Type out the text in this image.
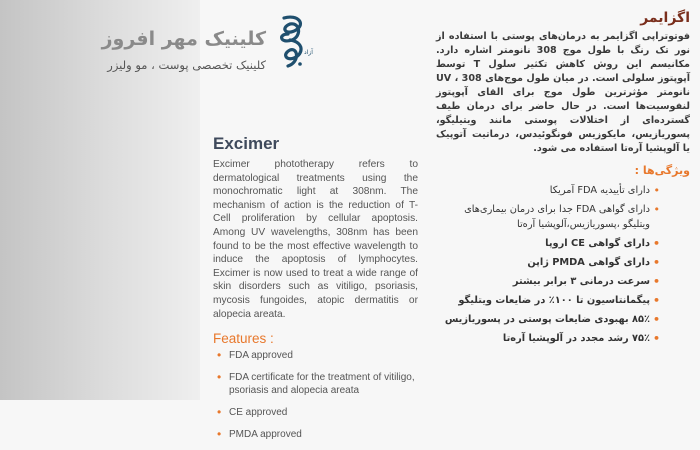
آزاد
کلینیک مهر افروز
کلینیک تخصصی پوست ، مو ولیزر
Excimer

Excimer phototherapy refers to dermatological treatments using the monochromatic light at 308nm. The mechanism of action is the reduction of T-Cell proliferation by cellular apoptosis. Among UV wavelengths, 308nm has been found to be the most effective wavelength to induce the apoptosis of lymphocytes. Excimer is now used to treat a wide range of skin disorders such as vitiligo, psoriasis, mycosis fungoides, atopic dermatitis or alopecia areata.

Features :
• FDA approved
• FDA certificate for the treatment of vitiligo, psoriasis and alopecia areata
• CE approved
• PMDA approved
اگزایمر

فوتوتراپی اگزایمر به درمان‌های پوستی با استفاده از نور تک رنگ با طول موج 308 نانومتر اشاره دارد. مکانیسم این روش کاهش تکثیر سلول T توسط آپوپتوز سلولی است. در میان طول موج‌های UV ، 308 نانومتر مؤثرترین طول موج برای القای آپوپتوز لنفوسیت‌ها است. در حال حاضر برای درمان طیف گسترده‌ای از اختلالات پوستی مانند ویتیلیگو، پسوریازیس، مایکوزیس فونگوئیدس، درماتیت آتوپیک یا آلوپشیا آره‌تا استفاده می شود.

ویژگی‌ها :
•
دارای تأییدیه FDA آمریکا
•
دارای گواهی FDA جدا برای درمان بیماری‌های ویتلیگو ،پسوریازیس،آلوپشیا آره‌تا
•
دارای گواهی CE اروپا
•
دارای گواهی PMDA ژاپن
•
سرعت درمانی ۳ برابر بیشتر
•
پیگمانتاسیون تا ۱۰۰٪ در ضایعات ویتلیگو
•
۸۵٪ بهبودی ضایعات پوستی در پسوریازیس
•
۷۵٪ رشد مجدد در آلوپشیا آره‌تا
